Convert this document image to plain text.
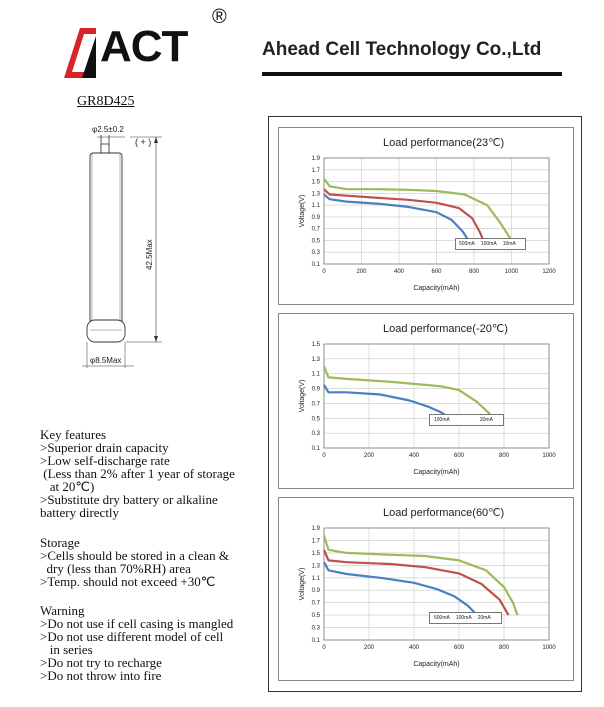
ACT
®
Ahead Cell Technology Co.,Ltd
GR8D425
φ2.5±0.2
( + )
42.5Max
φ8.5Max
Key features
>Superior drain capacity
>Low self-discharge rate
(Less than 2% after 1 year of storage
at 20℃)
>Substitute dry battery or alkaline
battery directly
Storage
>Cells should be stored in a clean &
dry (less than 70%RH) area
>Temp. should not exceed +30℃
Warning
>Do not use if cell casing is mangled
>Do not use different model of cell
in series
>Do not try to recharge
>Do not throw into fire
Load performance(23℃)
0	200	400	600	800	1000	1200
0.1
0.3
0.5
0.7
0.9
1.1
1.3
1.5
1.7
1.9
Capacity(mAh)
Voltage(V)
500mA 100mA 10mA
Load performance(-20℃)
0	200	400	600	800	1000
0.1
0.3
0.5
0.7
0.9
1.1
1.3
1.5
Capacity(mAh)
Voltage(V)
100mA	20mA
Load performance(60℃)
0	200	400	600	800	1000
0.1
0.3
0.5
0.7
0.9
1.1
1.3
1.5
1.7
1.9
Capacity(mAh)
Voltage(V)
500mA 100mA 20mA
